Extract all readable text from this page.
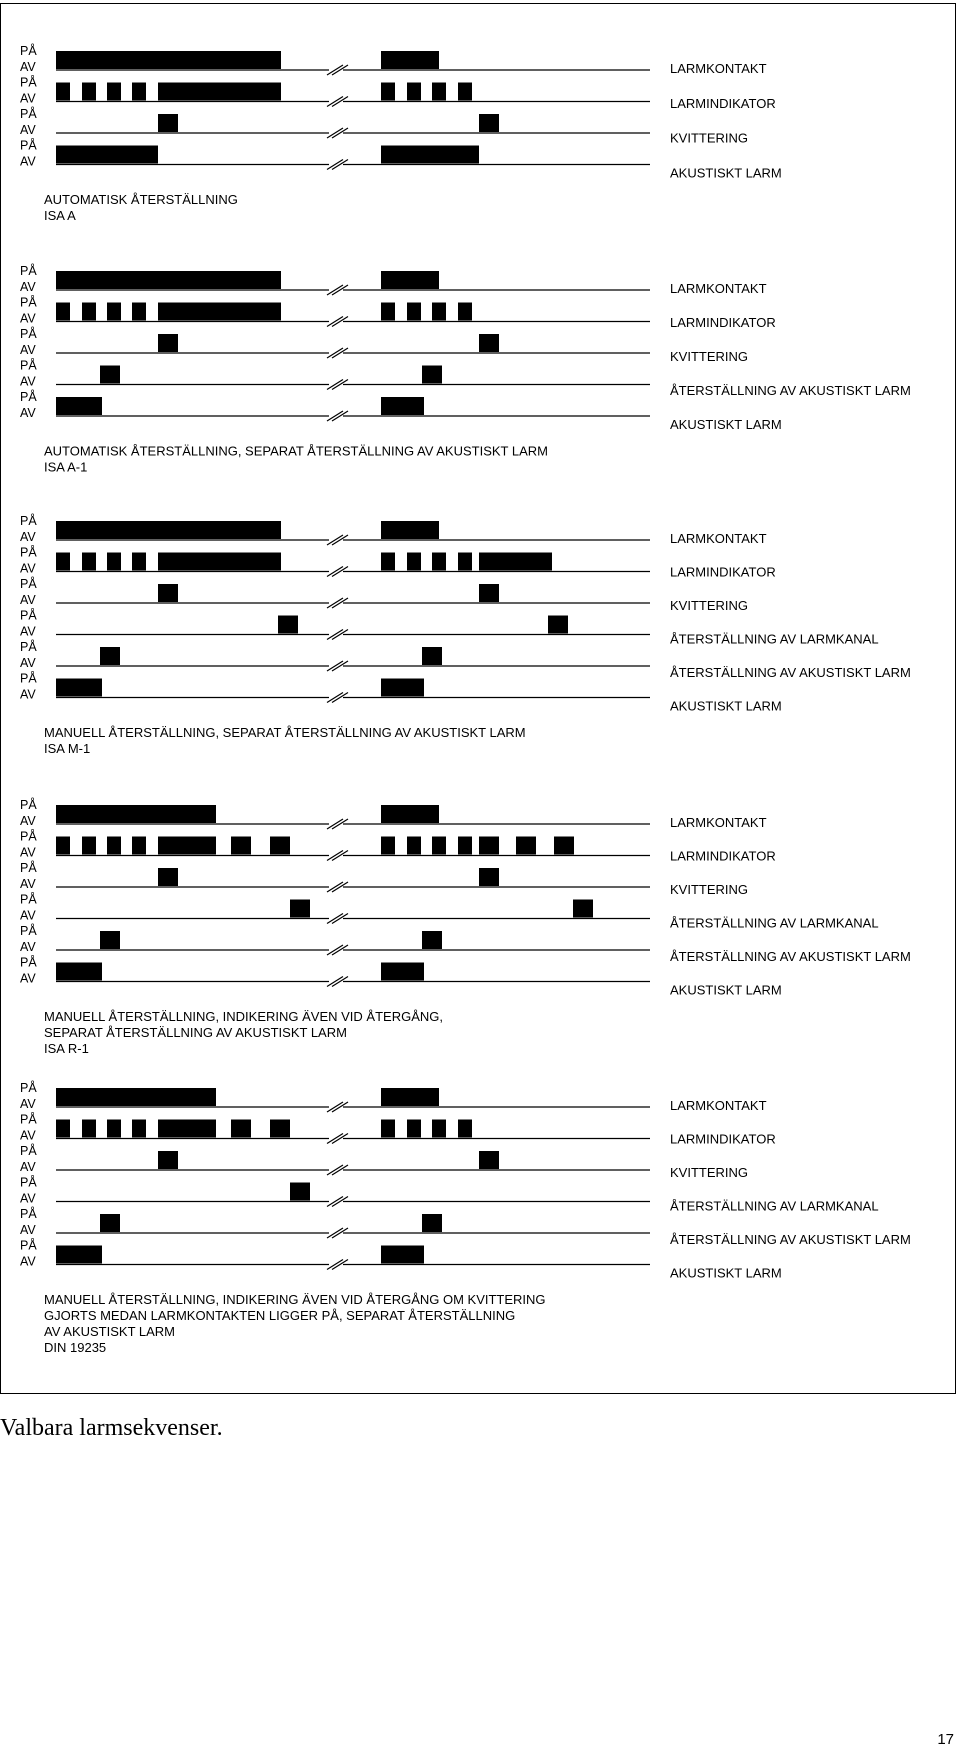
PÅ
AV
PÅ
AV
PÅ
AV
PÅ
AV
LARMKONTAKT
LARMINDIKATOR
KVITTERING
AKUSTISKT LARM
AUTOMATISK ÅTERSTÄLLNING
ISA A
PÅ
AV
PÅ
AV
PÅ
AV
PÅ
AV
PÅ
AV
LARMKONTAKT
LARMINDIKATOR
KVITTERING
ÅTERSTÄLLNING AV AKUSTISKT LARM
AKUSTISKT LARM
AUTOMATISK ÅTERSTÄLLNING, SEPARAT ÅTERSTÄLLNING AV AKUSTISKT LARM
ISA A-1
PÅ
AV
PÅ
AV
PÅ
AV
PÅ
AV
PÅ
AV
PÅ
AV
LARMKONTAKT
LARMINDIKATOR
KVITTERING
ÅTERSTÄLLNING AV LARMKANAL
ÅTERSTÄLLNING AV AKUSTISKT LARM
AKUSTISKT LARM
MANUELL ÅTERSTÄLLNING, SEPARAT ÅTERSTÄLLNING AV AKUSTISKT LARM
ISA M-1
PÅ
AV
PÅ
AV
PÅ
AV
PÅ
AV
PÅ
AV
PÅ
AV
LARMKONTAKT
LARMINDIKATOR
KVITTERING
ÅTERSTÄLLNING AV LARMKANAL
ÅTERSTÄLLNING AV AKUSTISKT LARM
AKUSTISKT LARM
MANUELL ÅTERSTÄLLNING, INDIKERING ÄVEN VID ÅTERGÅNG,
SEPARAT ÅTERSTÄLLNING AV AKUSTISKT LARM
ISA R-1
PÅ
AV
PÅ
AV
PÅ
AV
PÅ
AV
PÅ
AV
PÅ
AV
LARMKONTAKT
LARMINDIKATOR
KVITTERING
ÅTERSTÄLLNING AV LARMKANAL
ÅTERSTÄLLNING AV AKUSTISKT LARM
AKUSTISKT LARM
MANUELL ÅTERSTÄLLNING, INDIKERING ÄVEN VID ÅTERGÅNG OM KVITTERING
GJORTS MEDAN LARMKONTAKTEN LIGGER PÅ, SEPARAT ÅTERSTÄLLNING
AV AKUSTISKT LARM
DIN 19235
Valbara larmsekvenser.
17
